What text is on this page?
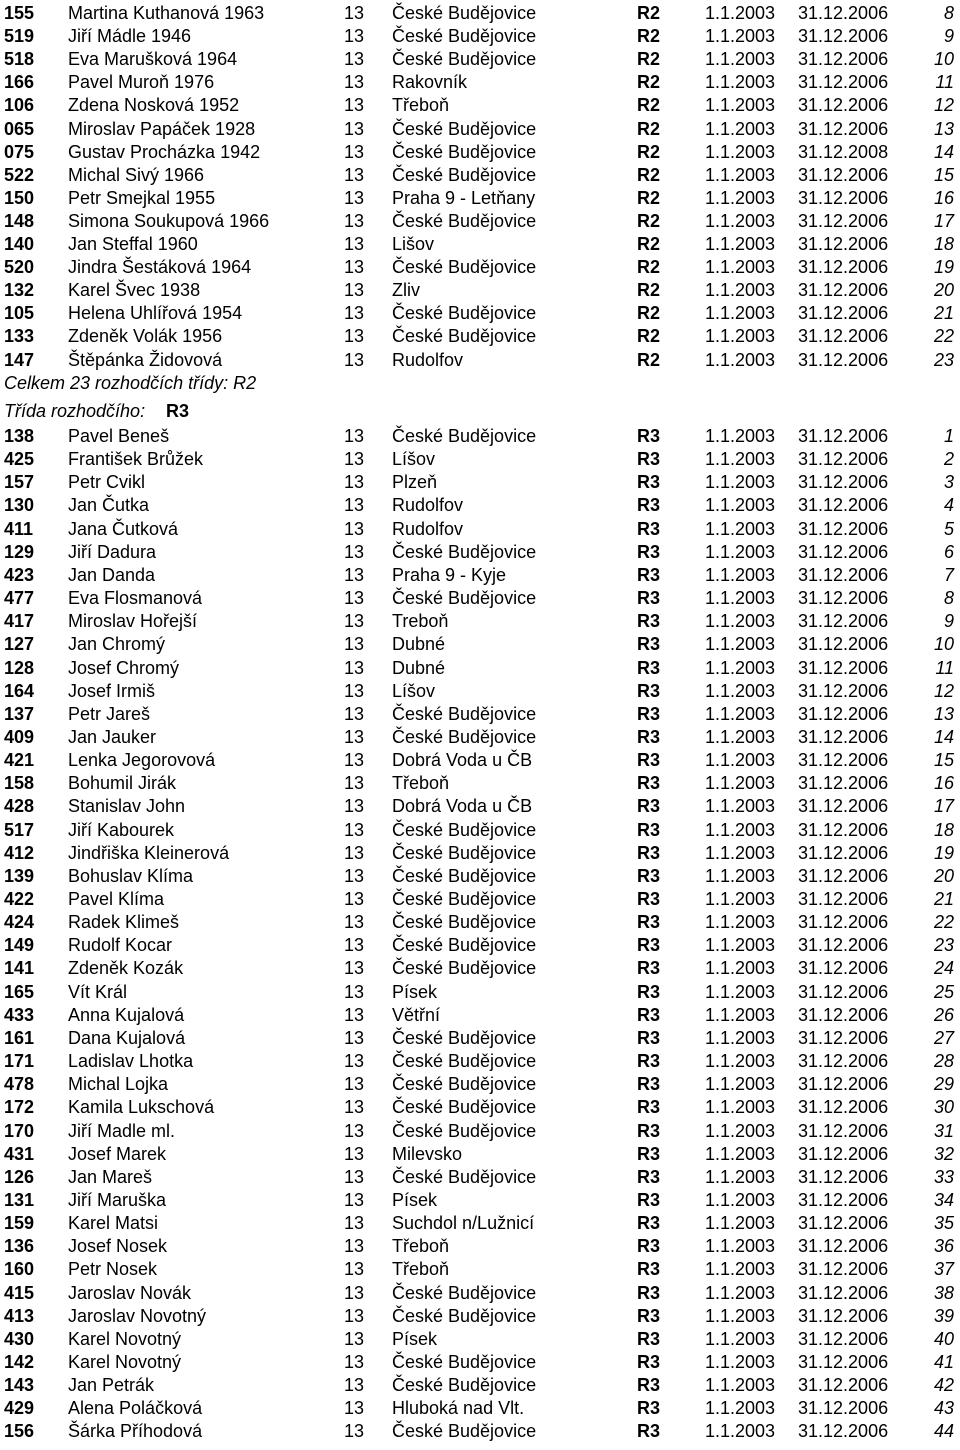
155 Martina Kuthanová 1963	13 České Budějovice	R2 1.1.2003 31.12.2006	8
519 Jiří Mádle 1946	13 České Budějovice	R2 1.1.2003 31.12.2006	9
518 Eva Marušková 1964	13 České Budějovice	R2 1.1.2003 31.12.2006	10
166 Pavel Muroň 1976	13 Rakovník	R2 1.1.2003 31.12.2006	11
106 Zdena Nosková 1952	13 Třeboň	R2 1.1.2003 31.12.2006	12
065 Miroslav Papáček 1928	13 České Budějovice	R2 1.1.2003 31.12.2006	13
075 Gustav Procházka 1942	13 České Budějovice	R2 1.1.2003 31.12.2008	14
522 Michal Sivý 1966	13 České Budějovice	R2 1.1.2003 31.12.2006	15
150 Petr Smejkal 1955	13 Praha 9 - Letňany	R2 1.1.2003 31.12.2006	16
148 Simona Soukupová 1966	13 České Budějovice	R2 1.1.2003 31.12.2006	17
140 Jan Steffal 1960	13 Lišov	R2 1.1.2003 31.12.2006	18
520 Jindra Šestáková 1964	13 České Budějovice	R2 1.1.2003 31.12.2006	19
132 Karel Švec 1938	13 Zliv	R2 1.1.2003 31.12.2006	20
105 Helena Uhlířová 1954	13 České Budějovice	R2 1.1.2003 31.12.2006	21
133 Zdeněk Volák 1956	13 České Budějovice	R2 1.1.2003 31.12.2006	22
147 Štěpánka Židovová	13 Rudolfov	R2 1.1.2003 31.12.2006	23
Celkem 23 rozhodčích třídy: R2
Třída rozhodčího: R3
138 Pavel Beneš	13 České Budějovice	R3 1.1.2003 31.12.2006	1
425 František Brůžek	13 Líšov	R3 1.1.2003 31.12.2006	2
157 Petr Cvikl	13 Plzeň	R3 1.1.2003 31.12.2006	3
130 Jan Čutka	13 Rudolfov	R3 1.1.2003 31.12.2006	4
411 Jana Čutková	13 Rudolfov	R3 1.1.2003 31.12.2006	5
129 Jiří Dadura	13 České Budějovice	R3 1.1.2003 31.12.2006	6
423 Jan Danda	13 Praha 9 - Kyje	R3 1.1.2003 31.12.2006	7
477 Eva Flosmanová	13 České Budějovice	R3 1.1.2003 31.12.2006	8
417 Miroslav Hořejší	13 Treboň	R3 1.1.2003 31.12.2006	9
127 Jan Chromý	13 Dubné	R3 1.1.2003 31.12.2006	10
128 Josef Chromý	13 Dubné	R3 1.1.2003 31.12.2006	11
164 Josef Irmiš	13 Líšov	R3 1.1.2003 31.12.2006	12
137 Petr Jareš	13 České Budějovice	R3 1.1.2003 31.12.2006	13
409 Jan Jauker	13 České Budějovice	R3 1.1.2003 31.12.2006	14
421 Lenka Jegorovová	13 Dobrá Voda u ČB	R3 1.1.2003 31.12.2006	15
158 Bohumil Jirák	13 Třeboň	R3 1.1.2003 31.12.2006	16
428 Stanislav John	13 Dobrá Voda u ČB	R3 1.1.2003 31.12.2006	17
517 Jiří Kabourek	13 České Budějovice	R3 1.1.2003 31.12.2006	18
412 Jindřiška Kleinerová	13 České Budějovice	R3 1.1.2003 31.12.2006	19
139 Bohuslav Klíma	13 České Budějovice	R3 1.1.2003 31.12.2006	20
422 Pavel Klíma	13 České Budějovice	R3 1.1.2003 31.12.2006	21
424 Radek Klimeš	13 České Budějovice	R3 1.1.2003 31.12.2006	22
149 Rudolf Kocar	13 České Budějovice	R3 1.1.2003 31.12.2006	23
141 Zdeněk Kozák	13 České Budějovice	R3 1.1.2003 31.12.2006	24
165 Vít Král	13 Písek	R3 1.1.2003 31.12.2006	25
433 Anna Kujalová	13 Větřní	R3 1.1.2003 31.12.2006	26
161 Dana Kujalová	13 České Budějovice	R3 1.1.2003 31.12.2006	27
171 Ladislav Lhotka	13 České Budějovice	R3 1.1.2003 31.12.2006	28
478 Michal Lojka	13 České Budějovice	R3 1.1.2003 31.12.2006	29
172 Kamila Lukschová	13 České Budějovice	R3 1.1.2003 31.12.2006	30
170 Jiří Madle ml.	13 České Budějovice	R3 1.1.2003 31.12.2006	31
431 Josef Marek	13 Milevsko	R3 1.1.2003 31.12.2006	32
126 Jan Mareš	13 České Budějovice	R3 1.1.2003 31.12.2006	33
131 Jiří Maruška	13 Písek	R3 1.1.2003 31.12.2006	34
159 Karel Matsi	13 Suchdol n/Lužnicí	R3 1.1.2003 31.12.2006	35
136 Josef Nosek	13 Třeboň	R3 1.1.2003 31.12.2006	36
160 Petr Nosek	13 Třeboň	R3 1.1.2003 31.12.2006	37
415 Jaroslav Novák	13 České Budějovice	R3 1.1.2003 31.12.2006	38
413 Jaroslav Novotný	13 České Budějovice	R3 1.1.2003 31.12.2006	39
430 Karel Novotný	13 Písek	R3 1.1.2003 31.12.2006	40
142 Karel Novotný	13 České Budějovice	R3 1.1.2003 31.12.2006	41
143 Jan Petrák	13 České Budějovice	R3 1.1.2003 31.12.2006	42
429 Alena Poláčková	13 Hluboká nad Vlt.	R3 1.1.2003 31.12.2006	43
156 Šárka Příhodová	13 České Budějovice	R3 1.1.2003 31.12.2006	44
